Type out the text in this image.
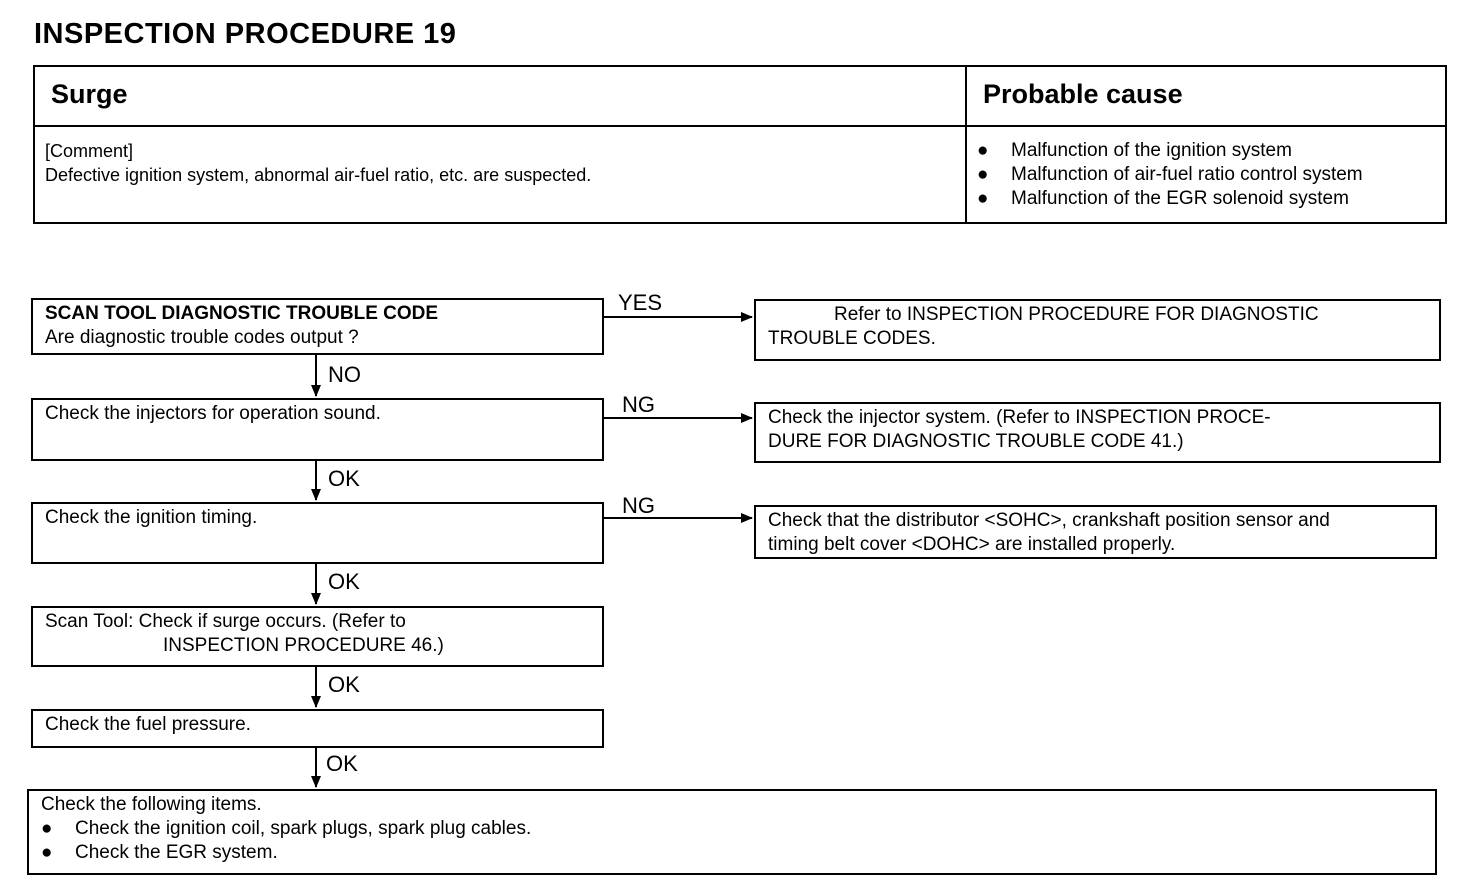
INSPECTION PROCEDURE 19
Surge	Probable cause
[Comment]
Defective ignition system, abnormal air-fuel ratio, etc. are suspected.
● Malfunction of the ignition system
● Malfunction of air-fuel ratio control system
● Malfunction of the EGR solenoid system
SCAN TOOL DIAGNOSTIC TROUBLE CODE
Are diagnostic trouble codes output ?
Check the injectors for operation sound.
Check the ignition timing.
Scan Tool: Check if surge occurs. (Refer to
INSPECTION PROCEDURE 46.)
Check the fuel pressure.
Check the following items.
● Check the ignition coil, spark plugs, spark plug cables.
● Check the EGR system.
Refer to INSPECTION PROCEDURE FOR DIAGNOSTIC
TROUBLE CODES.
Check the injector system. (Refer to INSPECTION PROCE-
DURE FOR DIAGNOSTIC TROUBLE CODE 41.)
Check that the distributor <SOHC>, crankshaft position sensor and
timing belt cover <DOHC> are installed properly.
YES
NO
NG
OK
NG
OK
OK
OK
